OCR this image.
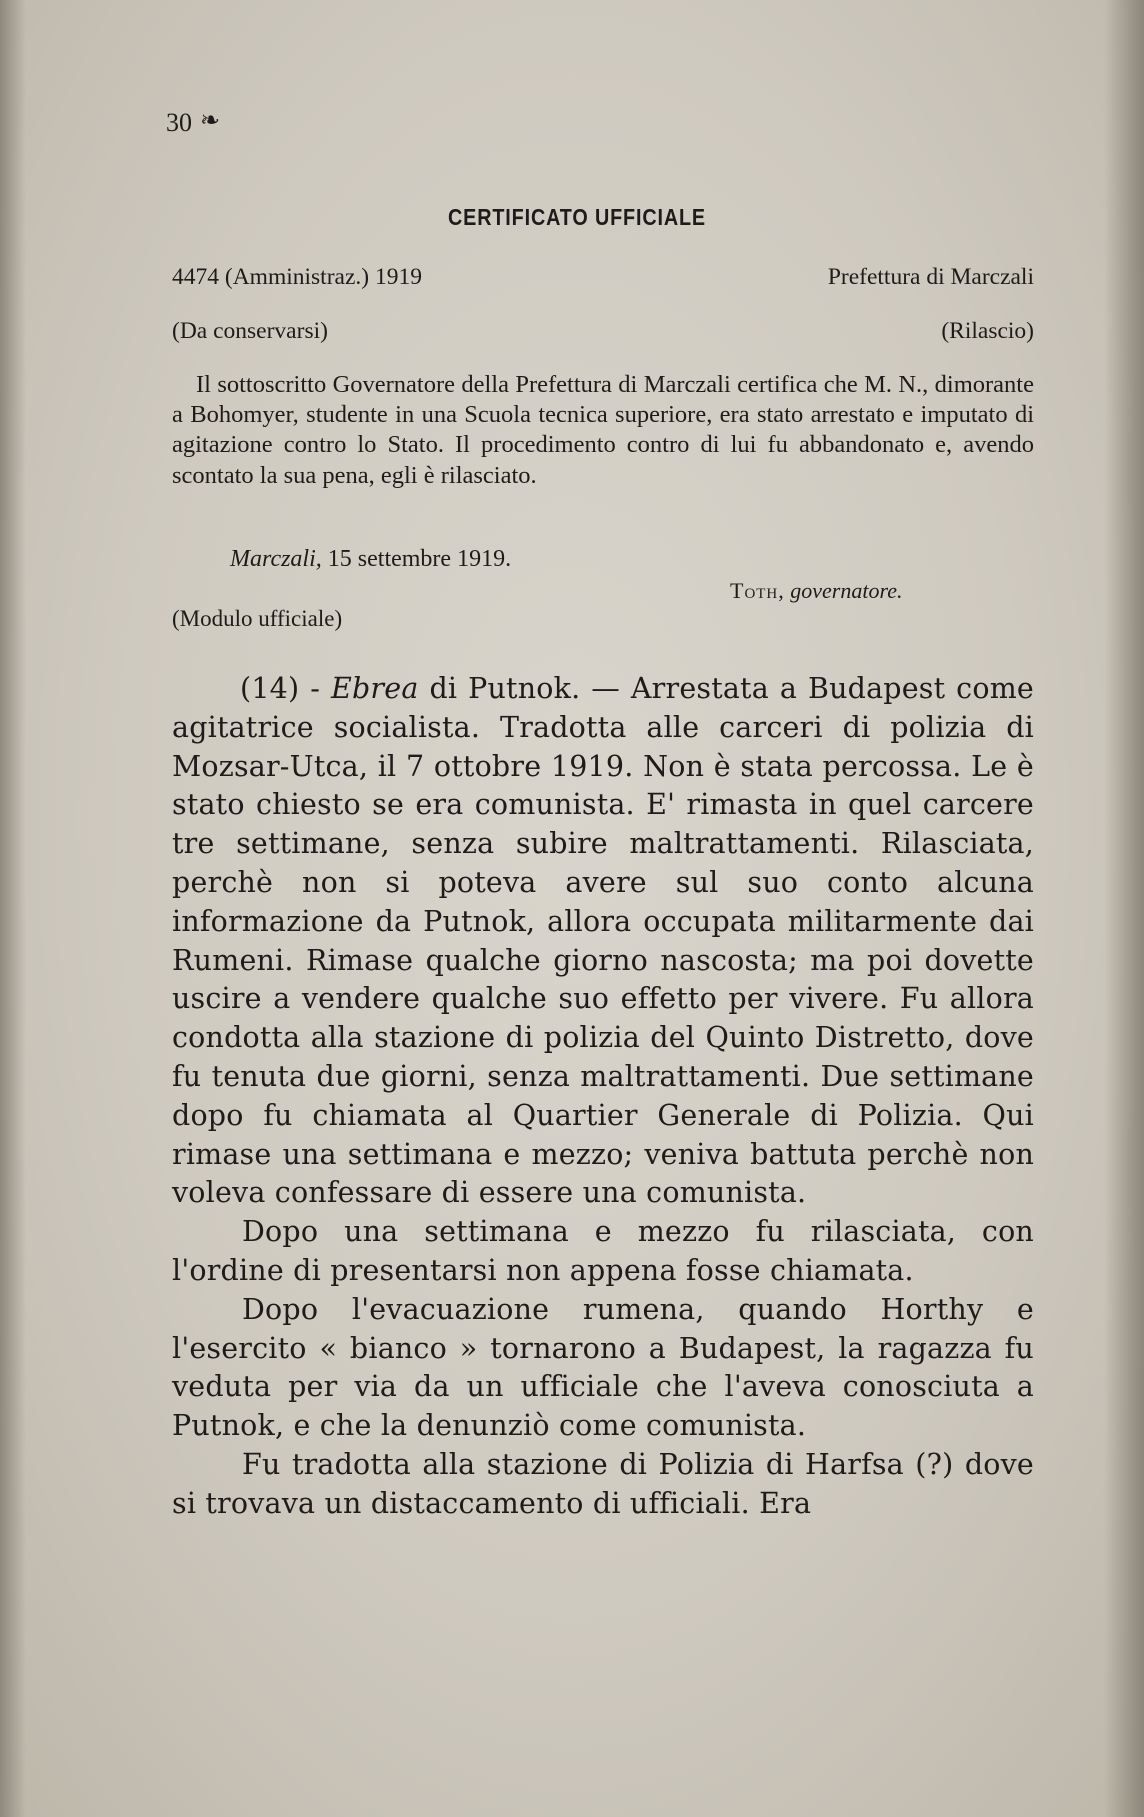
30 ❧
CERTIFICATO UFFICIALE
4474 (Amministraz.) 1919	Prefettura di Marczali
(Da conservarsi)	(Rilascio)
Il sottoscritto Governatore della Prefettura di Marczali certifica che M. N., dimorante a Bohomyer, studente in una Scuola tecnica superiore, era stato arrestato e imputato di agitazione contro lo Stato. Il procedimento contro di lui fu abbandonato e, avendo scontato la sua pena, egli è rilasciato.
Marczali, 15 settembre 1919.
Toth, governatore.
(Modulo ufficiale)

(14) - Ebrea di Putnok. — Arrestata a Budapest come agitatrice socialista. Tradotta alle carceri di polizia di Mozsar-Utca, il 7 ottobre 1919. Non è stata percossa. Le è stato chiesto se era comunista. E' rimasta in quel carcere tre settimane, senza subire maltrattamenti. Rilasciata, perchè non si poteva avere sul suo conto alcuna informazione da Putnok, allora occupata militarmente dai Rumeni. Rimase qualche giorno nascosta; ma poi dovette uscire a vendere qualche suo effetto per vivere. Fu allora condotta alla stazione di polizia del Quinto Distretto, dove fu tenuta due giorni, senza maltrattamenti. Due settimane dopo fu chiamata al Quartier Generale di Polizia. Qui rimase una settimana e mezzo; veniva battuta perchè non voleva confessare di essere una comunista.

Dopo una settimana e mezzo fu rilasciata, con l'ordine di presentarsi non appena fosse chiamata.

Dopo l'evacuazione rumena, quando Horthy e l'esercito « bianco » tornarono a Budapest, la ragazza fu veduta per via da un ufficiale che l'aveva conosciuta a Putnok, e che la denunziò come comunista.

Fu tradotta alla stazione di Polizia di Harfsa (?) dove si trovava un distaccamento di ufficiali. Era
